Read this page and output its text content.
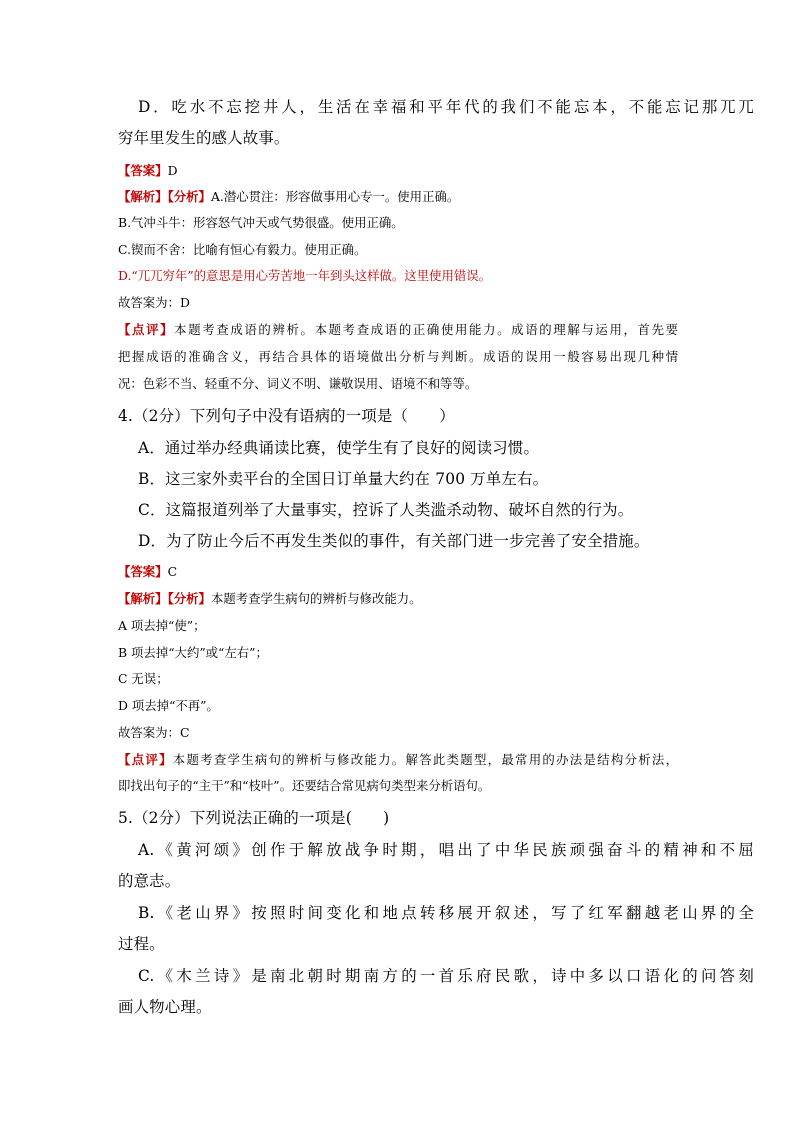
D．吃水不忘挖井人，生活在幸福和平年代的我们不能忘本，不能忘记那兀兀
穷年里发生的感人故事。
【答案】D
【解析】【分析】A.潜心贯注：形容做事用心专一。使用正确。
B.气冲斗牛：形容怒气冲天或气势很盛。使用正确。
C.锲而不舍：比喻有恒心有毅力。使用正确。
D.“兀兀穷年”的意思是用心劳苦地一年到头这样做。这里使用错误。
故答案为：D
【点评】本题考查成语的辨析。本题考查成语的正确使用能力。成语的理解与运用，首先要
把握成语的准确含义，再结合具体的语境做出分析与判断。成语的误用一般容易出现几种情
况：色彩不当、轻重不分、词义不明、谦敬误用、语境不和等等。
4.（2分）下列句子中没有语病的一项是（　　）
A．通过举办经典诵读比赛，使学生有了良好的阅读习惯。
B．这三家外卖平台的全国日订单量大约在 700 万单左右。
C．这篇报道列举了大量事实，控诉了人类滥杀动物、破坏自然的行为。
D．为了防止今后不再发生类似的事件，有关部门进一步完善了安全措施。
【答案】C
【解析】【分析】本题考查学生病句的辨析与修改能力。
A 项去掉“使”；
B 项去掉“大约”或“左右”；
C 无误；
D 项去掉“不再”。
故答案为：C
【点评】本题考查学生病句的辨析与修改能力。解答此类题型，最常用的办法是结构分析法，
即找出句子的“主干”和“枝叶”。还要结合常见病句类型来分析语句。
5.（2分）下列说法正确的一项是(　　)
A.《黄河颂》创作于解放战争时期，唱出了中华民族顽强奋斗的精神和不屈
的意志。
B.《老山界》按照时间变化和地点转移展开叙述，写了红军翻越老山界的全
过程。
C.《木兰诗》是南北朝时期南方的一首乐府民歌，诗中多以口语化的问答刻
画人物心理。
